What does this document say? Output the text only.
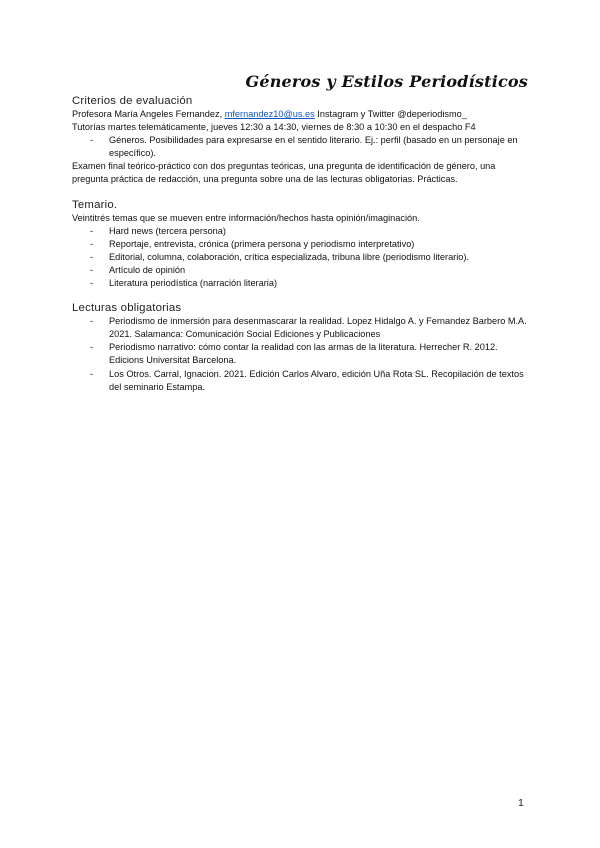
Géneros y Estilos Periodísticos
Criterios de evaluación

Profesora María Angeles Fernandez, mfernandez10@us.es Instagram y Twitter @deperiodismo_

Tutorías martes telemáticamente, jueves 12:30 a 14:30, viernes de 8:30 a 10:30 en el despacho F4

- Géneros. Posibilidades para expresarse en el sentido literario. Ej.: perfil (basado en un personaje en específico).

Examen final teórico-práctico con dos preguntas teóricas, una pregunta de identificación de género, una pregunta práctica de redacción, una pregunta sobre una de las lecturas obligatorias. Prácticas.

Temario.

Veintitrés temas que se mueven entre información/hechos hasta opinión/imaginación.

- Hard news (tercera persona)
- Reportaje, entrevista, crónica (primera persona y periodismo interpretativo)
- Editorial, columna, colaboración, crítica especializada, tribuna libre (periodismo literario).
- Artículo de opinión
- Literatura periodística (narración literaria)
Lecturas obligatorias
- Periodismo de inmersión para desenmascarar la realidad. Lopez Hidalgo A. y Fernandez Barbero M.A. 2021. Salamanca: Comunicación Social Ediciones y Publicaciones
- Periodismo narrativo: cómo contar la realidad con las armas de la literatura. Herrecher R. 2012. Edicions Universitat Barcelona.
- Los Otros. Carral, Ignacion. 2021. Edición Carlos Alvaro, edición Uña Rota SL. Recopilación de textos del seminario Estampa.
1
